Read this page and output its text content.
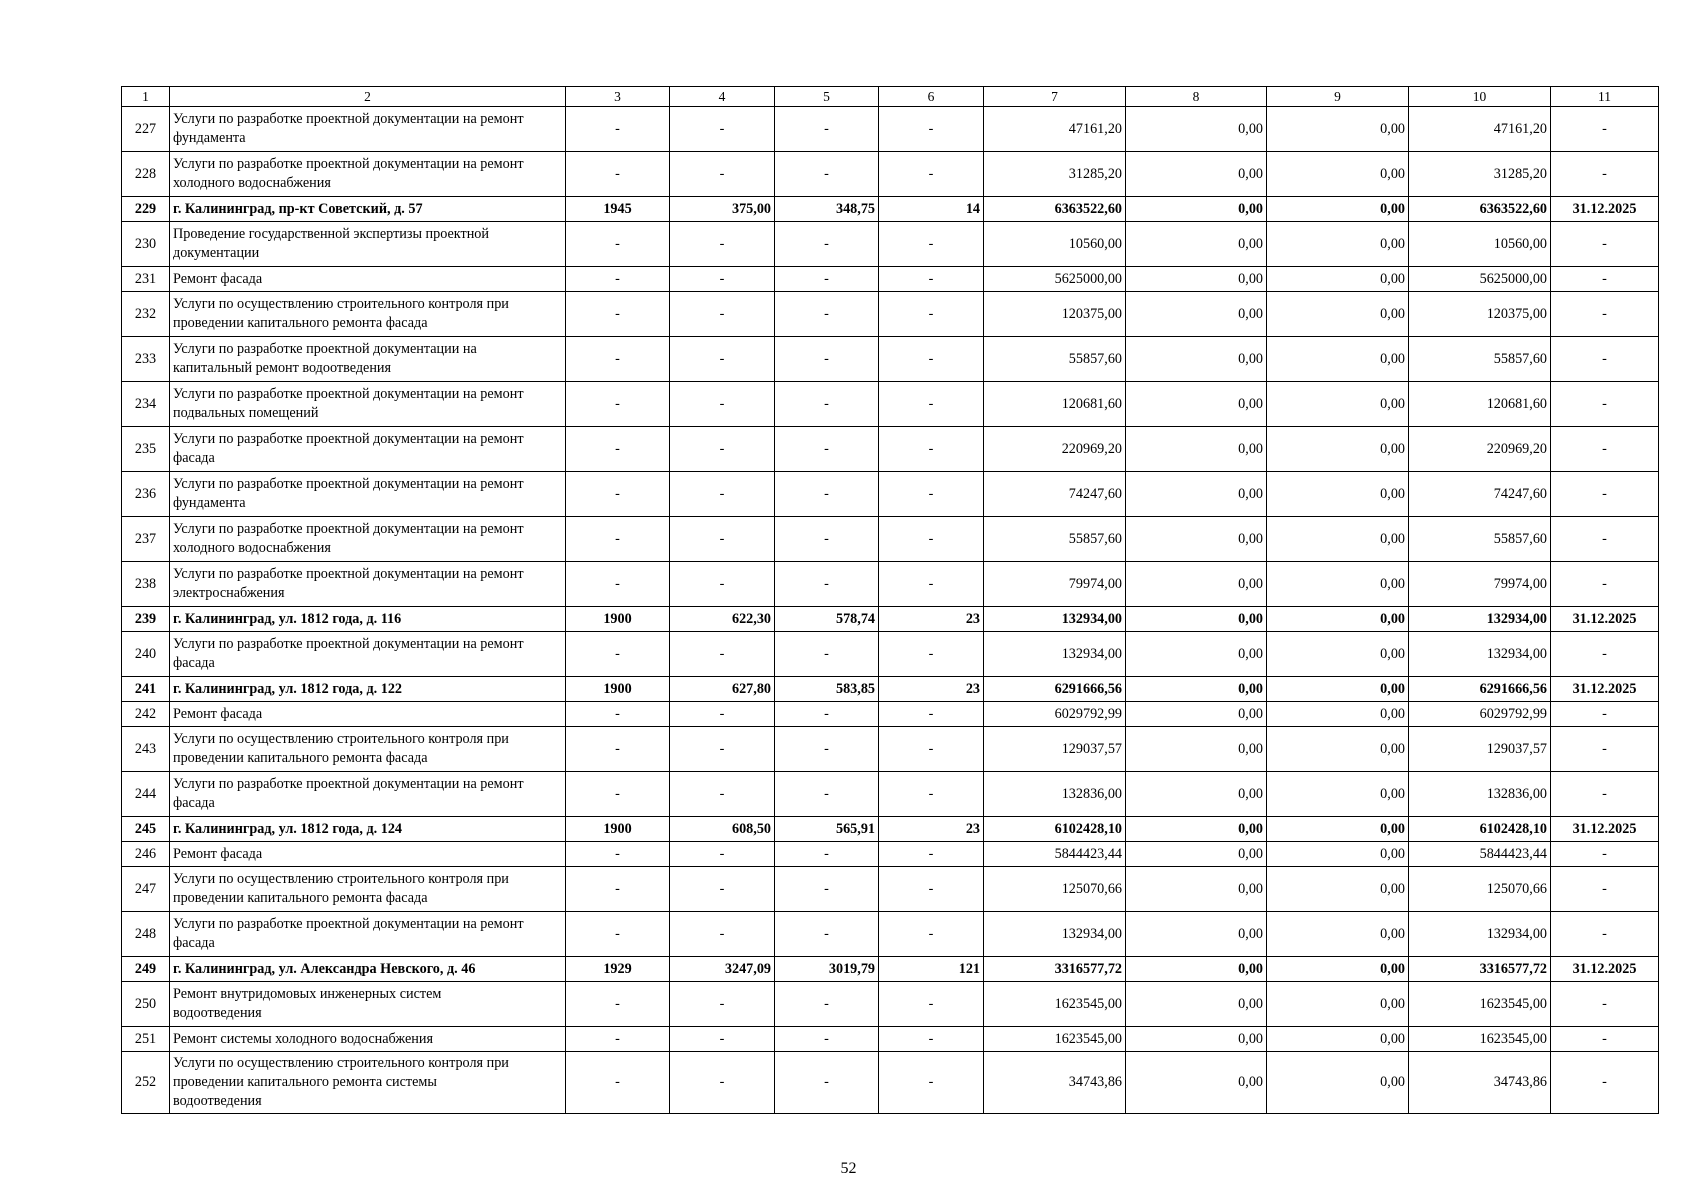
1	2	3	4	5	6	7	8	9	10	11
227	Услуги по разработке проектной документации на ремонт
фундамента	-	-	-	-	47161,20	0,00	0,00	47161,20	-
228	Услуги по разработке проектной документации на ремонт
холодного водоснабжения	-	-	-	-	31285,20	0,00	0,00	31285,20	-
229	г. Калининград, пр-кт Советский, д. 57	1945	375,00	348,75	14	6363522,60	0,00	0,00	6363522,60	31.12.2025
230	Проведение государственной экспертизы проектной
документации	-	-	-	-	10560,00	0,00	0,00	10560,00	-
231	Ремонт фасада	-	-	-	-	5625000,00	0,00	0,00	5625000,00	-
232	Услуги по осуществлению строительного контроля при
проведении капитального ремонта фасада	-	-	-	-	120375,00	0,00	0,00	120375,00	-
233	Услуги по разработке проектной документации на
капитальный ремонт водоотведения	-	-	-	-	55857,60	0,00	0,00	55857,60	-
234	Услуги по разработке проектной документации на ремонт
подвальных помещений	-	-	-	-	120681,60	0,00	0,00	120681,60	-
235	Услуги по разработке проектной документации на ремонт
фасада	-	-	-	-	220969,20	0,00	0,00	220969,20	-
236	Услуги по разработке проектной документации на ремонт
фундамента	-	-	-	-	74247,60	0,00	0,00	74247,60	-
237	Услуги по разработке проектной документации на ремонт
холодного водоснабжения	-	-	-	-	55857,60	0,00	0,00	55857,60	-
238	Услуги по разработке проектной документации на ремонт
электроснабжения	-	-	-	-	79974,00	0,00	0,00	79974,00	-
239	г. Калининград, ул. 1812 года, д. 116	1900	622,30	578,74	23	132934,00	0,00	0,00	132934,00	31.12.2025
240	Услуги по разработке проектной документации на ремонт
фасада	-	-	-	-	132934,00	0,00	0,00	132934,00	-
241	г. Калининград, ул. 1812 года, д. 122	1900	627,80	583,85	23	6291666,56	0,00	0,00	6291666,56	31.12.2025
242	Ремонт фасада	-	-	-	-	6029792,99	0,00	0,00	6029792,99	-
243	Услуги по осуществлению строительного контроля при
проведении капитального ремонта фасада	-	-	-	-	129037,57	0,00	0,00	129037,57	-
244	Услуги по разработке проектной документации на ремонт
фасада	-	-	-	-	132836,00	0,00	0,00	132836,00	-
245	г. Калининград, ул. 1812 года, д. 124	1900	608,50	565,91	23	6102428,10	0,00	0,00	6102428,10	31.12.2025
246	Ремонт фасада	-	-	-	-	5844423,44	0,00	0,00	5844423,44	-
247	Услуги по осуществлению строительного контроля при
проведении капитального ремонта фасада	-	-	-	-	125070,66	0,00	0,00	125070,66	-
248	Услуги по разработке проектной документации на ремонт
фасада	-	-	-	-	132934,00	0,00	0,00	132934,00	-
249	г. Калининград, ул. Александра Невского, д. 46	1929	3247,09	3019,79	121	3316577,72	0,00	0,00	3316577,72	31.12.2025
250	Ремонт внутридомовых инженерных систем
водоотведения	-	-	-	-	1623545,00	0,00	0,00	1623545,00	-
251	Ремонт системы холодного водоснабжения	-	-	-	-	1623545,00	0,00	0,00	1623545,00	-
252	Услуги по осуществлению строительного контроля при
проведении капитального ремонта системы
водоотведения	-	-	-	-	34743,86	0,00	0,00	34743,86	-
52
